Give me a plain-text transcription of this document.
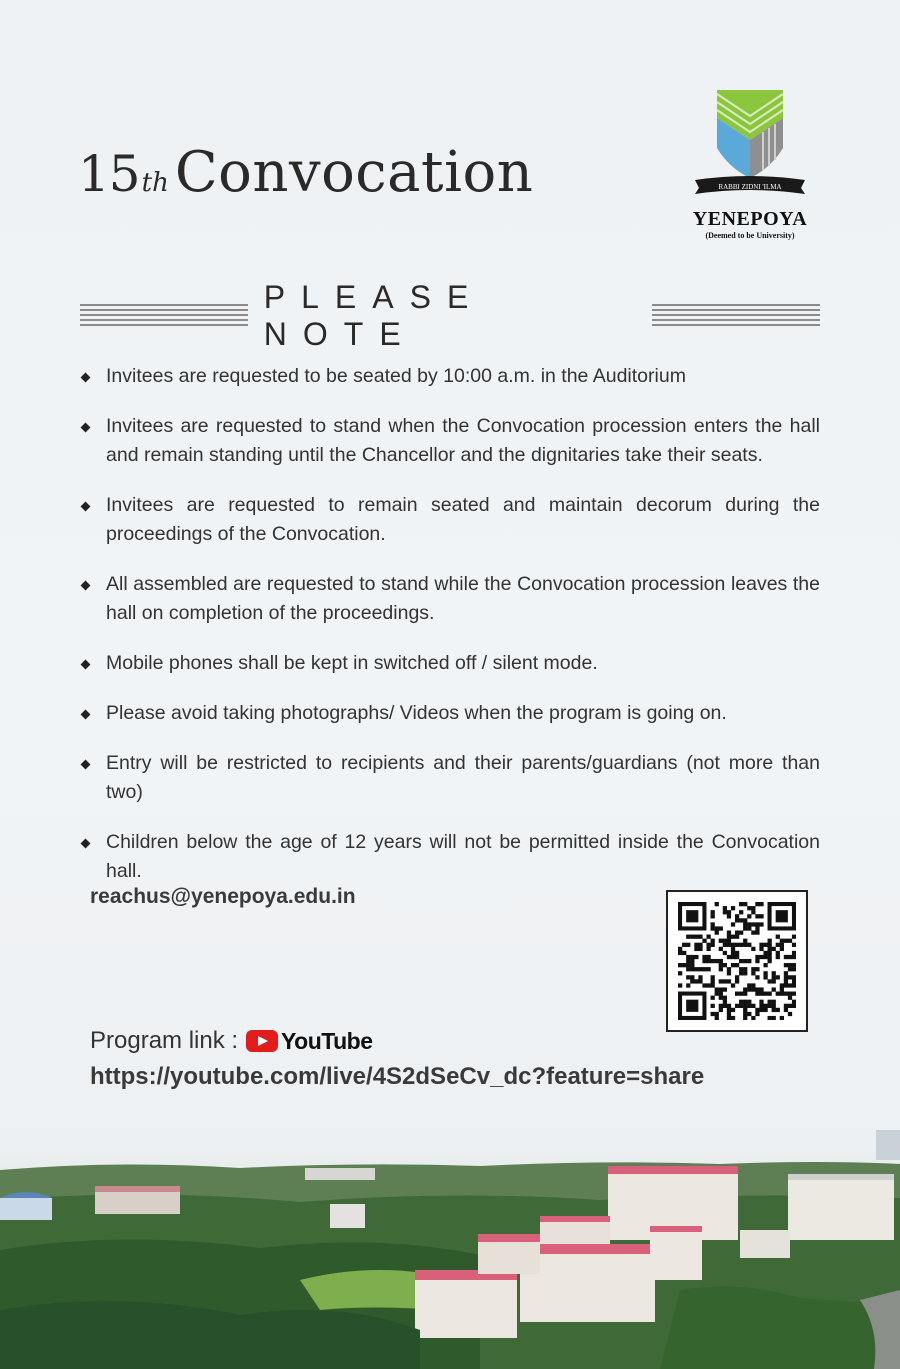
15 th Convocation	RABBI ZIDNI 'ILMA
YENEPOYA
(Deemed to be University)
PLEASE NOTE
Invitees are requested to be seated by 10:00 a.m. in the Auditorium
Invitees are requested to stand when the Convocation procession enters the hall and remain standing until the Chancellor and the dignitaries take their seats.
Invitees are requested to remain seated and maintain decorum during the proceedings of the Convocation.
All assembled are requested to stand while the Convocation procession leaves the hall on completion of the proceedings.
Mobile phones shall be kept in switched off / silent mode.
Please avoid taking photographs/ Videos when the program is going on.
Entry will be restricted to recipients and their parents/guardians (not more than two)
Children below the age of 12 years will not be permitted inside the Convocation hall.
reachus@yenepoya.edu.in
Program link : YouTube
https://youtube.com/live/4S2dSeCv_dc?feature=share
